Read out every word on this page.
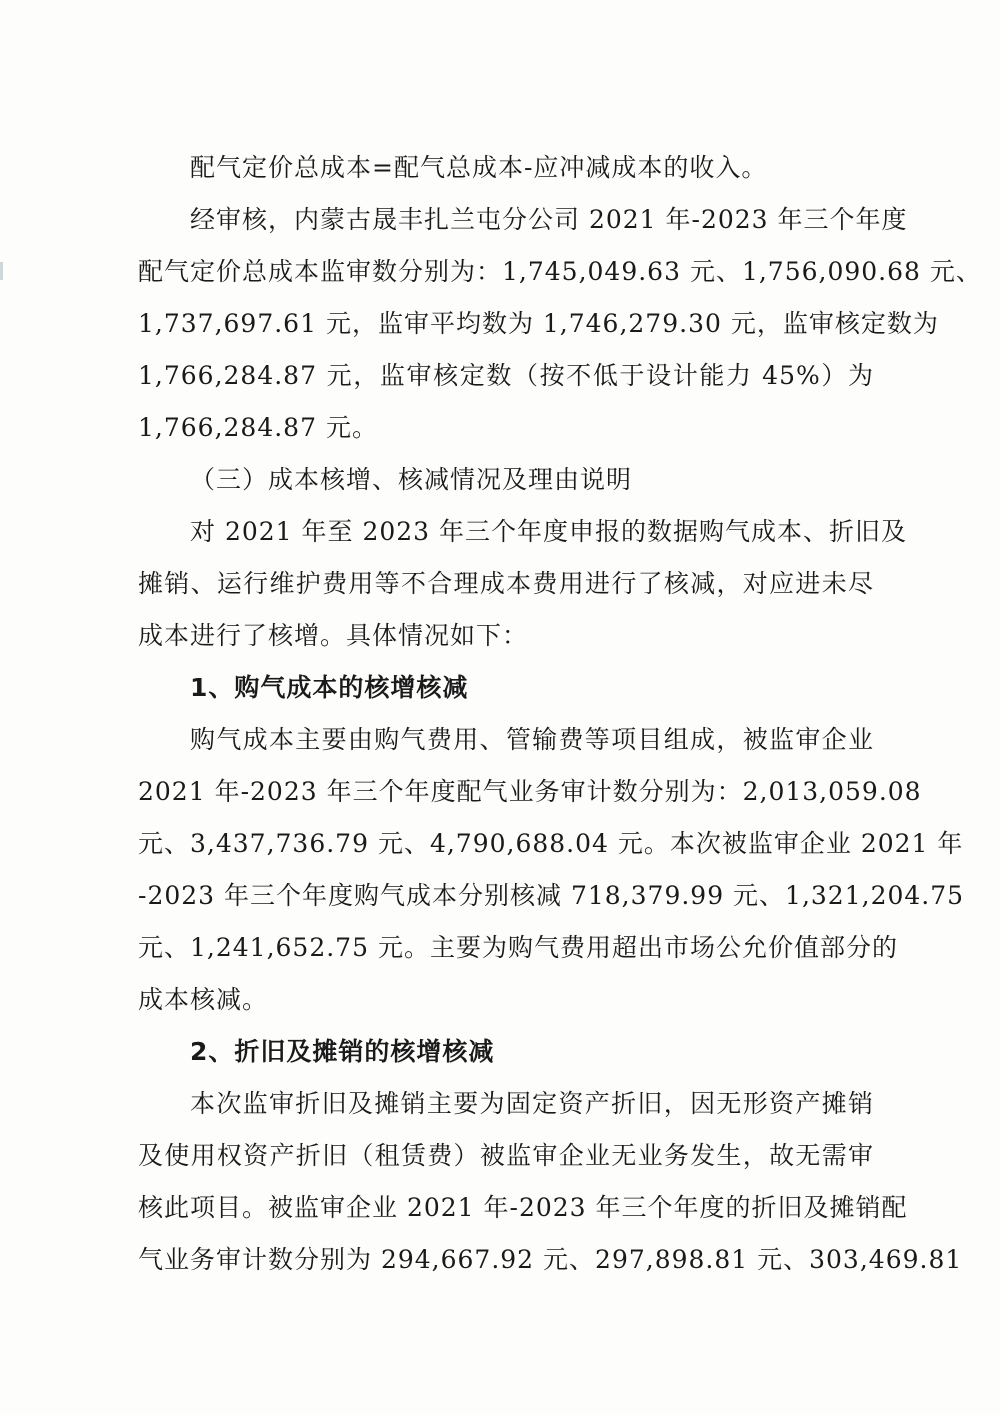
配气定价总成本=配气总成本-应冲减成本的收入。
经审核，内蒙古晟丰扎兰屯分公司 2021 年-2023 年三个年度
配气定价总成本监审数分别为：1,745,049.63 元、1,756,090.68 元、
1,737,697.61 元，监审平均数为 1,746,279.30 元，监审核定数为
1,766,284.87 元，监审核定数（按不低于设计能力 45%）为
1,766,284.87 元。
（三）成本核增、核减情况及理由说明
对 2021 年至 2023 年三个年度申报的数据购气成本、折旧及
摊销、运行维护费用等不合理成本费用进行了核减，对应进未尽
成本进行了核增。具体情况如下：
1、购气成本的核增核减
购气成本主要由购气费用、管输费等项目组成，被监审企业
2021 年-2023 年三个年度配气业务审计数分别为：2,013,059.08
元、3,437,736.79 元、4,790,688.04 元。本次被监审企业 2021 年
-2023 年三个年度购气成本分别核减 718,379.99 元、1,321,204.75
元、1,241,652.75 元。主要为购气费用超出市场公允价值部分的
成本核减。
2、折旧及摊销的核增核减
本次监审折旧及摊销主要为固定资产折旧，因无形资产摊销
及使用权资产折旧（租赁费）被监审企业无业务发生，故无需审
核此项目。被监审企业 2021 年-2023 年三个年度的折旧及摊销配
气业务审计数分别为 294,667.92 元、297,898.81 元、303,469.81
